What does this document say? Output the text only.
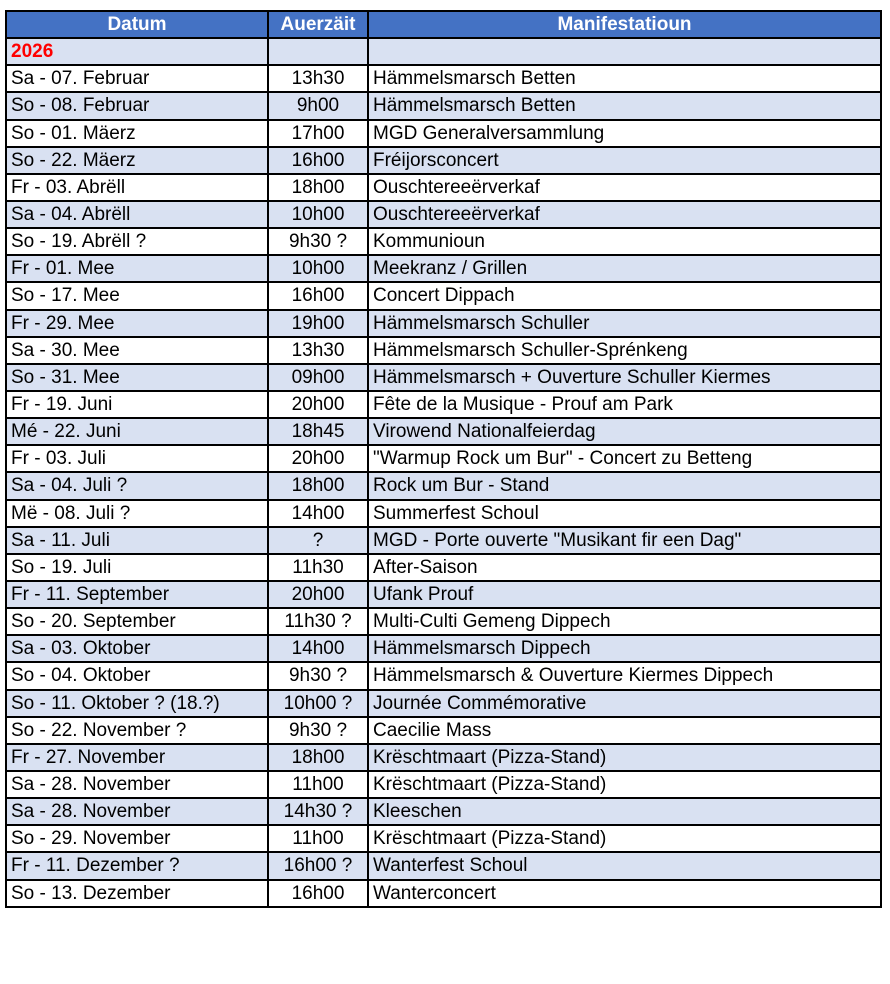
Datum	Auerzäit	Manifestatioun
2026		
Sa - 07. Februar	13h30	Hämmelsmarsch Betten
So - 08. Februar	9h00	Hämmelsmarsch Betten
So - 01. Mäerz	17h00	MGD Generalversammlung
So - 22. Mäerz	16h00	Fréijorsconcert
Fr - 03. Abrëll	18h00	Ouschtereeërverkaf
Sa - 04. Abrëll	10h00	Ouschtereeërverkaf
So - 19. Abrëll ?	9h30 ?	Kommunioun
Fr - 01. Mee	10h00	Meekranz / Grillen
So - 17. Mee	16h00	Concert Dippach
Fr - 29. Mee	19h00	Hämmelsmarsch Schuller
Sa - 30. Mee	13h30	Hämmelsmarsch Schuller-Sprénkeng
So - 31. Mee	09h00	Hämmelsmarsch + Ouverture Schuller Kiermes
Fr - 19. Juni	20h00	Fête de la Musique - Prouf am Park
Mé - 22. Juni	18h45	Virowend Nationalfeierdag
Fr - 03. Juli	20h00	"Warmup Rock um Bur" - Concert zu Betteng
Sa - 04. Juli ?	18h00	Rock um Bur - Stand
Më - 08. Juli ?	14h00	Summerfest Schoul
Sa - 11. Juli	?	MGD - Porte ouverte "Musikant fir een Dag"
So - 19. Juli	11h30	After-Saison
Fr - 11. September	20h00	Ufank Prouf
So - 20. September	11h30 ?	Multi-Culti Gemeng Dippech
Sa - 03. Oktober	14h00	Hämmelsmarsch Dippech
So - 04. Oktober	9h30 ?	Hämmelsmarsch & Ouverture Kiermes Dippech
So - 11. Oktober ? (18.?)	10h00 ?	Journée Commémorative
So - 22. November ?	9h30 ?	Caecilie Mass
Fr - 27. November	18h00	Krëschtmaart (Pizza-Stand)
Sa - 28. November	11h00	Krëschtmaart (Pizza-Stand)
Sa - 28. November	14h30 ?	Kleeschen
So - 29. November	11h00	Krëschtmaart (Pizza-Stand)
Fr - 11. Dezember ?	16h00 ?	Wanterfest Schoul
So - 13. Dezember	16h00	Wanterconcert
